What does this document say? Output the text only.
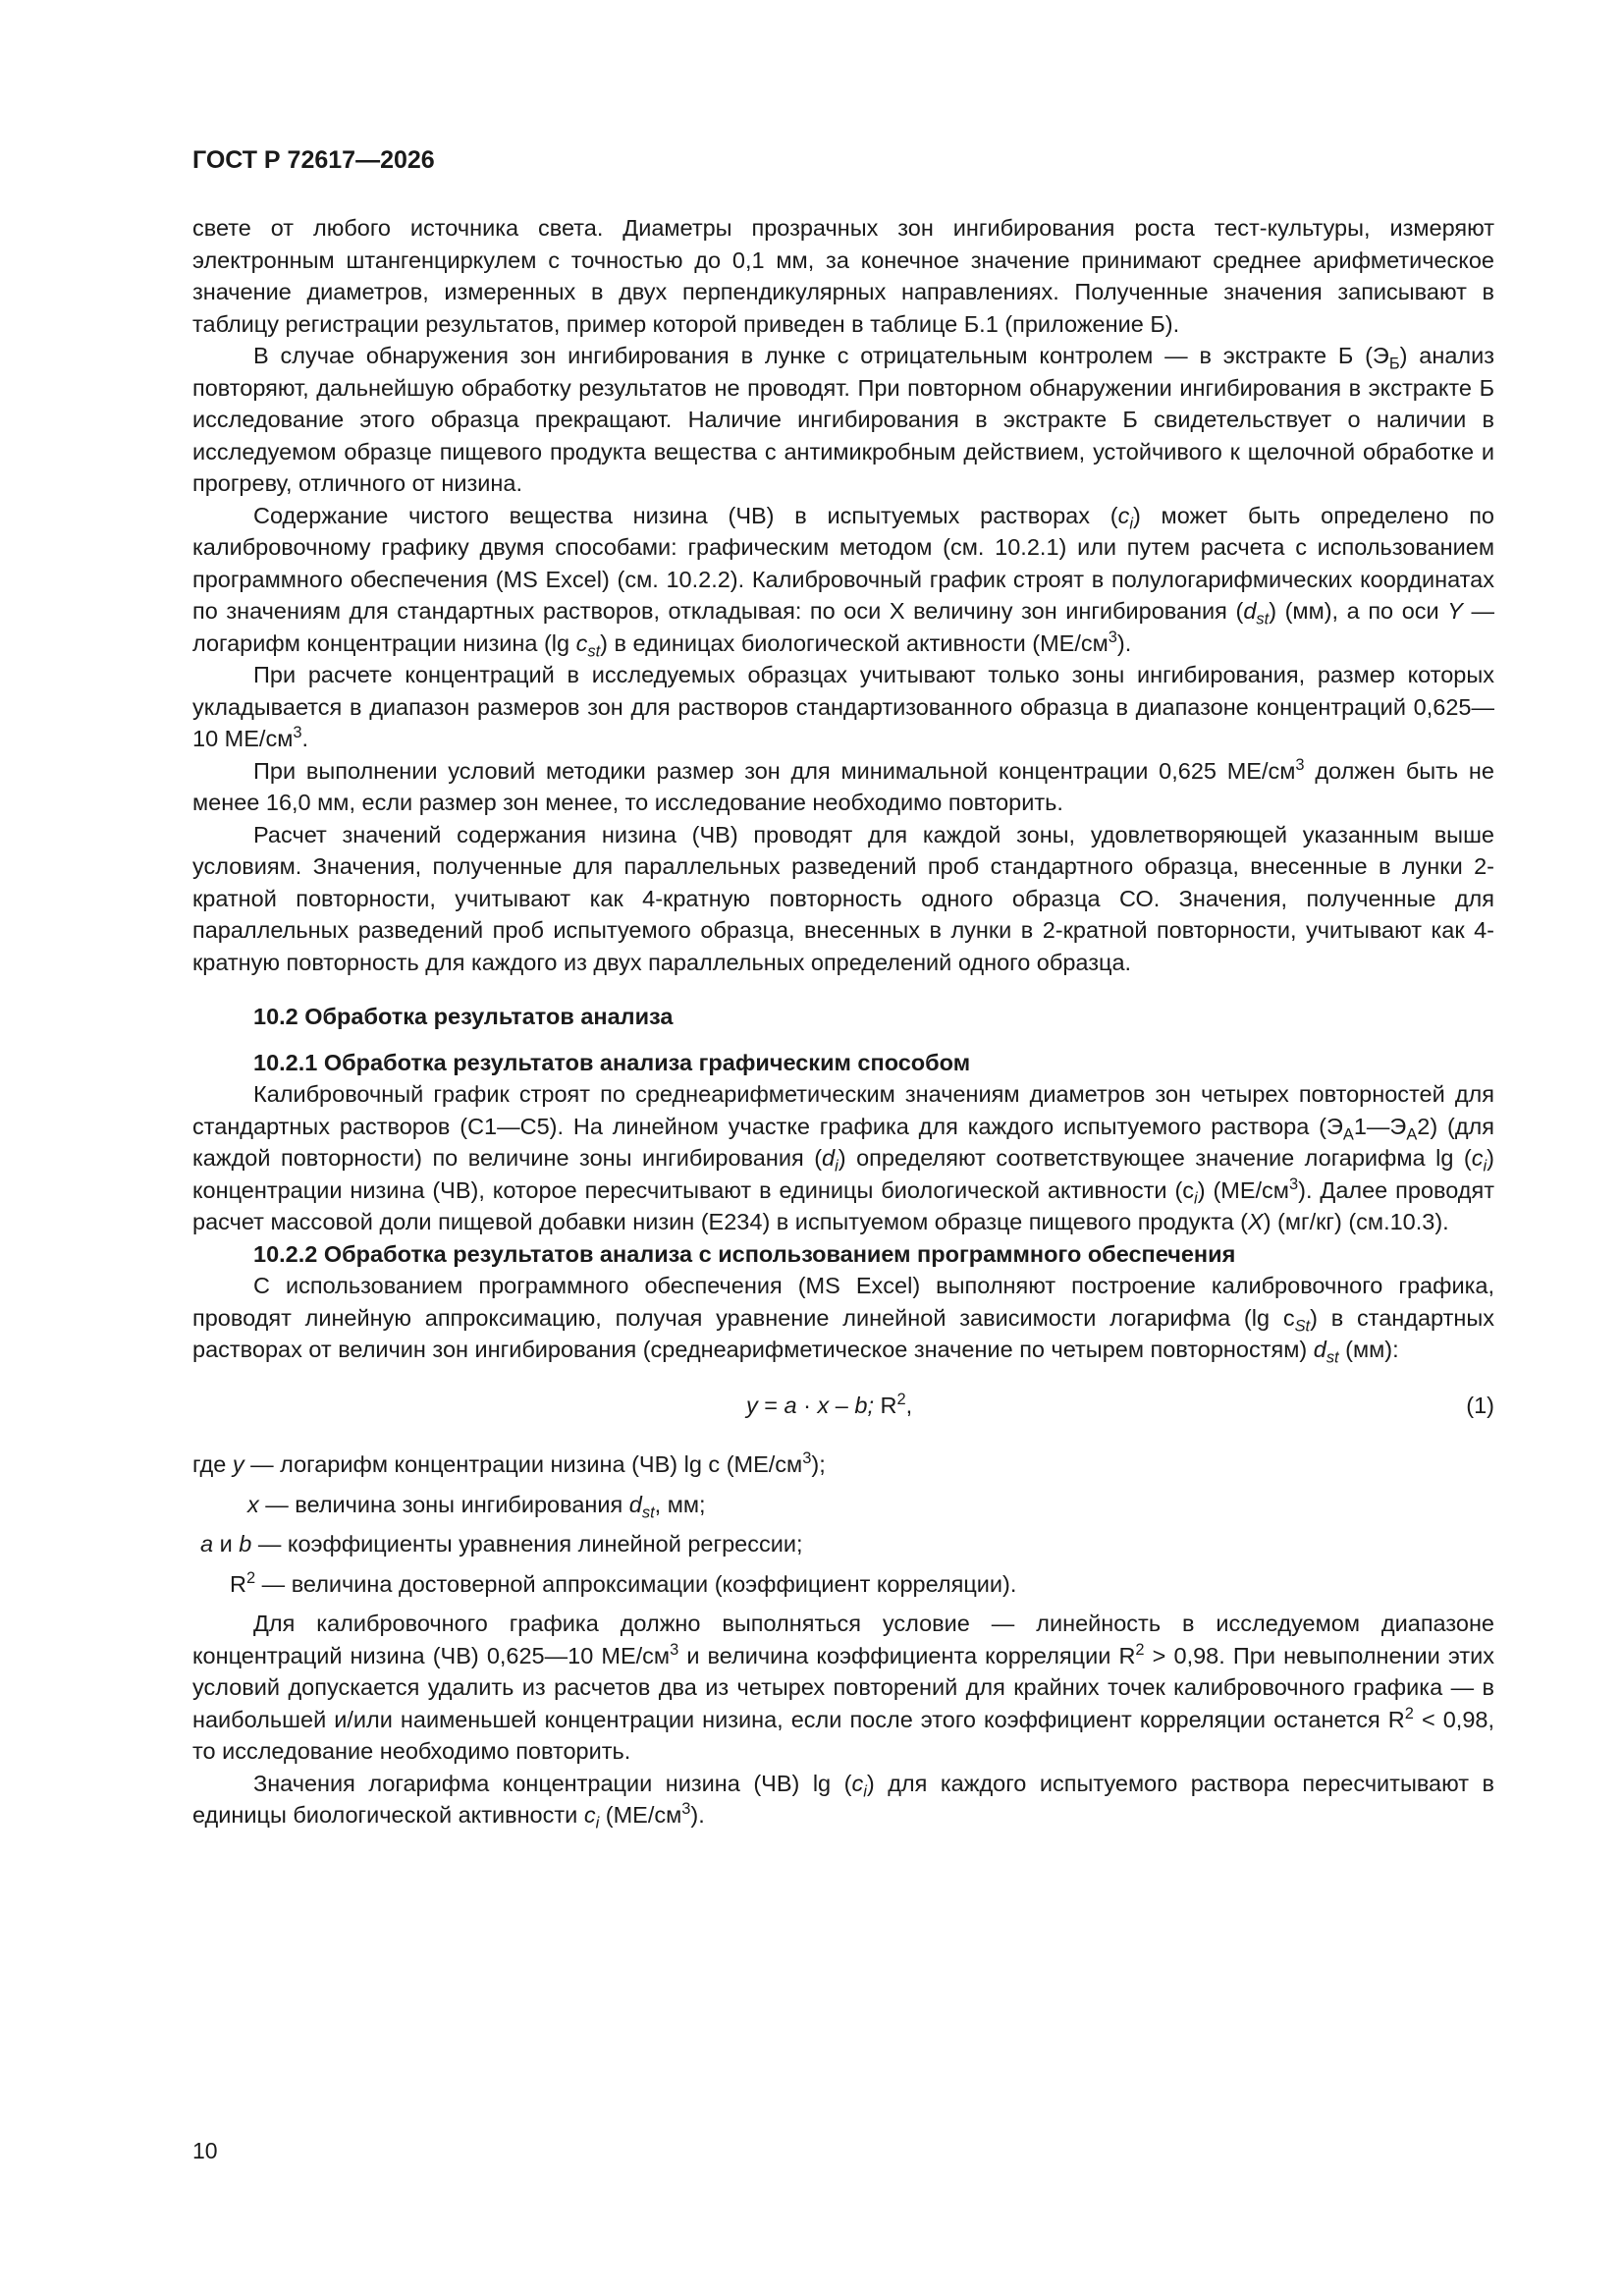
ГОСТ Р 72617—2026

свете от любого источника света. Диаметры прозрачных зон ингибирования роста тест-культуры, измеряют электронным штангенциркулем с точностью до 0,1 мм, за конечное значение принимают среднее арифметическое значение диаметров, измеренных в двух перпендикулярных направлениях. Полученные значения записывают в таблицу регистрации результатов, пример которой приведен в таблице Б.1 (приложение Б).

В случае обнаружения зон ингибирования в лунке с отрицательным контролем — в экстракте Б $(Э_Б)$ анализ повторяют, дальнейшую обработку результатов не проводят. При повторном обнаружении ингибирования в экстракте Б исследование этого образца прекращают. Наличие ингибирования в экстракте Б свидетельствует о наличии в исследуемом образце пищевого продукта вещества с антимикробным действием, устойчивого к щелочной обработке и прогреву, отличного от низина.

Содержание чистого вещества низина (ЧВ) в испытуемых растворах $(c_i)$ может быть определено по калибровочному графику двумя способами: графическим методом (см. 10.2.1) или путем расчета с использованием программного обеспечения (MS Excel) (см. 10.2.2). Калибровочный график строят в полулогарифмических координатах по значениям для стандартных растворов, откладывая: по оси X величину зон ингибирования $(d_{st})$ (мм), а по оси Y — логарифм концентрации низина (lg $c_{st}$) в единицах биологической активности $(МЕ/см^3)$.

При расчете концентраций в исследуемых образцах учитывают только зоны ингибирования, размер которых укладывается в диапазон размеров зон для растворов стандартизованного образца в диапазоне концентраций 0,625—10 $МЕ/см^3$.

При выполнении условий методики размер зон для минимальной концентрации 0,625 $МЕ/см^3$ должен быть не менее 16,0 мм, если размер зон менее, то исследование необходимо повторить.

Расчет значений содержания низина (ЧВ) проводят для каждой зоны, удовлетворяющей указанным выше условиям. Значения, полученные для параллельных разведений проб стандартного образца, внесенные в лунки 2-кратной повторности, учитывают как 4-кратную повторность одного образца СО. Значения, полученные для параллельных разведений проб испытуемого образца, внесенных в лунки в 2-кратной повторности, учитывают как 4-кратную повторность для каждого из двух параллельных определений одного образца.

10.2 Обработка результатов анализа
10.2.1 Обработка результатов анализа графическим способом

Калибровочный график строят по среднеарифметическим значениям диаметров зон четырех повторностей для стандартных растворов (С1—С5). На линейном участке графика для каждого испытуемого раствора $(Э_А1—Э_А2)$ (для каждой повторности) по величине зоны ингибирования $(d_i)$ определяют соответствующее значение логарифма $\lg (c_i)$ концентрации низина (ЧВ), которое пересчитывают в единицы биологической активности $(c_i)$ $(МЕ/см^3)$. Далее проводят расчет массовой доли пищевой добавки низин (Е234) в испытуемом образце пищевого продукта (X) (мг/кг) (см.10.3).

10.2.2 Обработка результатов анализа с использованием программного обеспечения

С использованием программного обеспечения (MS Excel) выполняют построение калибровочного графика, проводят линейную аппроксимацию, получая уравнение линейной зависимости логарифма (lg $c_{St}$) в стандартных растворах от величин зон ингибирования (среднеарифметическое значение по четырем повторностям) $d_{st}$ (мм):

y = a · x – b; $R^2$,	(1)
где y — логарифм концентрации низина (ЧВ) lg c $(МЕ/см^3)$;
x — величина зоны ингибирования $d_{st}$, мм;
a и b — коэффициенты уравнения линейной регрессии;
$R^2$ — величина достоверной аппроксимации (коэффициент корреляции).

Для калибровочного графика должно выполняться условие — линейность в исследуемом диапазоне концентраций низина (ЧВ) 0,625—10 $МЕ/см^3$ и величина коэффициента корреляции $R^2 > 0,98$. При невыполнении этих условий допускается удалить из расчетов два из четырех повторений для крайних точек калибровочного графика — в наибольшей и/или наименьшей концентрации низина, если после этого коэффициент корреляции останется $R^2 < 0,98$, то исследование необходимо повторить.

Значения логарифма концентрации низина (ЧВ) $\lg (c_i)$ для каждого испытуемого раствора пересчитывают в единицы биологической активности $c_i$ $(МЕ/см^3)$.

10
